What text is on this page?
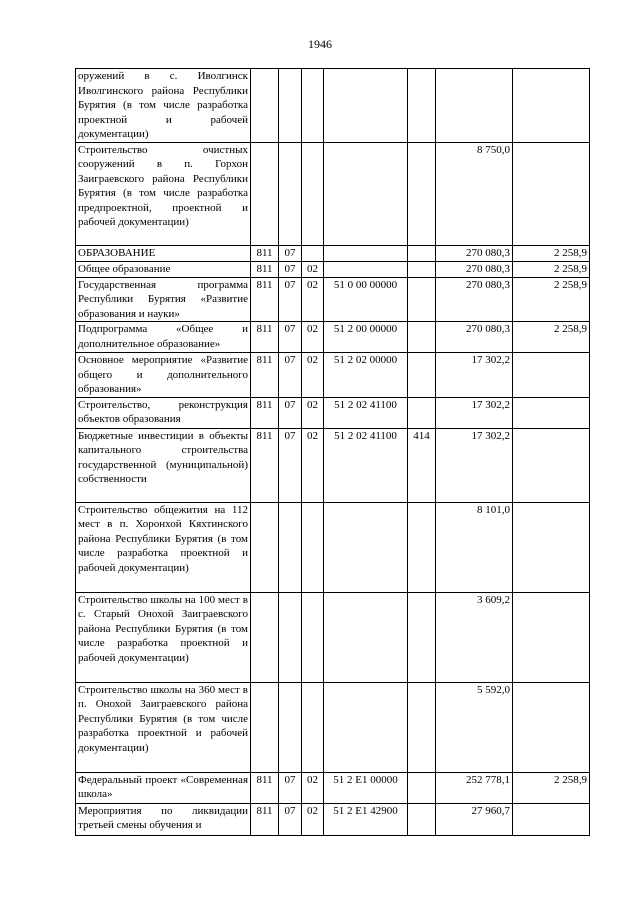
1946
оружений в с. Иволгинск Иволгинского района Республики Бурятия (в том числе разработка проектной и рабочей документации)							
Строительство очистных сооружений в п. Горхон Заиграевского района Республики Бурятия (в том числе разработка предпроектной, проектной и рабочей документации)						8 750,0	
ОБРАЗОВАНИЕ	811	07				270 080,3	2 258,9
Общее образование	811	07	02			270 080,3	2 258,9
Государственная программа Республики Бурятия «Развитие образования и науки»	811	07	02	51 0 00 00000		270 080,3	2 258,9
Подпрограмма «Общее и дополнительное образование»	811	07	02	51 2 00 00000		270 080,3	2 258,9
Основное мероприятие «Развитие общего и дополнительного образования»	811	07	02	51 2 02 00000		17 302,2	
Строительство, реконструкция объектов образования	811	07	02	51 2 02 41100		17 302,2	
Бюджетные инвестиции в объекты капитального строительства государственной (муниципальной) собственности	811	07	02	51 2 02 41100	414	17 302,2	
Строительство общежития на 112 мест в п. Хоронхой Кяхтинского района Республики Бурятия (в том числе разработка проектной и рабочей документации)						8 101,0	
Строительство школы на 100 мест в с. Старый Онохой Заиграевского района Республики Бурятия (в том числе разработка проектной и рабочей документации)						3 609,2	
Строительство школы на 360 мест в п. Онохой Заиграевского района Республики Бурятия (в том числе разработка проектной и рабочей документации)						5 592,0	
Федеральный проект «Современная школа»	811	07	02	51 2 E1 00000		252 778,1	2 258,9
Мероприятия по ликвидации третьей смены обучения и	811	07	02	51 2 E1 42900		27 960,7	
